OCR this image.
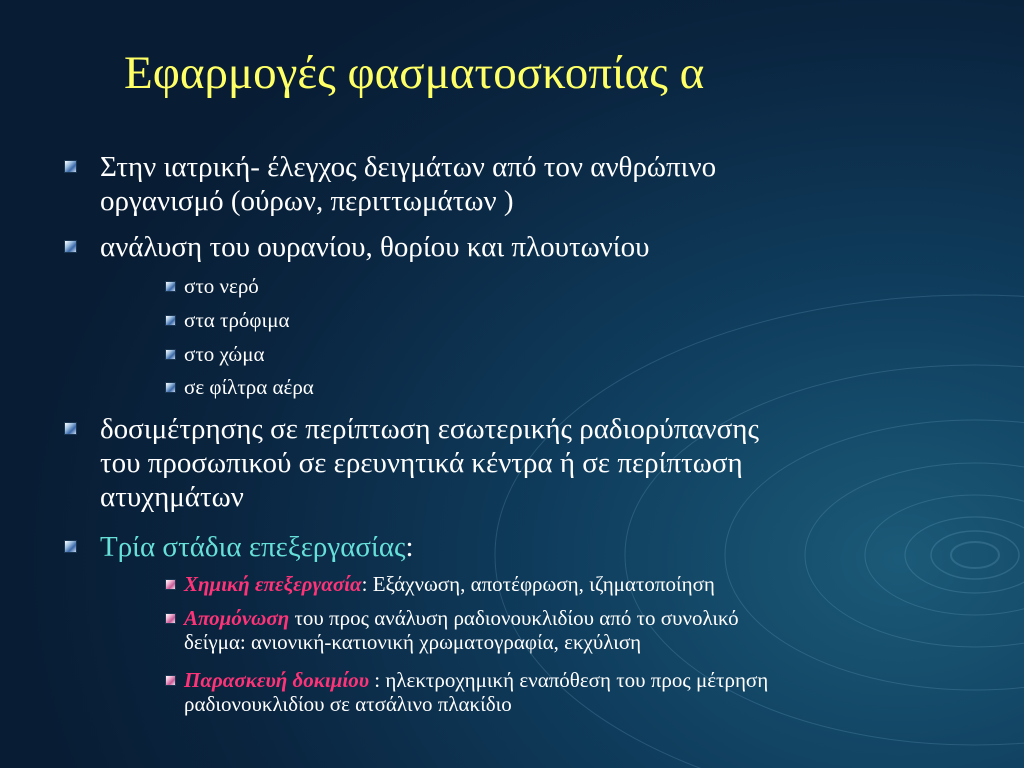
Εφαρμογές φασματοσκοπίας α
Στην ιατρική- έλεγχος δειγμάτων από τον ανθρώπινο
οργανισμό (ούρων, περιττωμάτων )
ανάλυση του ουρανίου, θορίου και πλουτωνίου
στο νερό
στα τρόφιμα
στο χώμα
σε φίλτρα αέρα
δοσιμέτρησης σε περίπτωση εσωτερικής ραδιορύπανσης
του προσωπικού σε ερευνητικά κέντρα ή σε περίπτωση
ατυχημάτων
Τρία στάδια επεξεργασίας:
Χημική επεξεργασία: Εξάχνωση, αποτέφρωση, ιζηματοποίηση
Απομόνωση του προς ανάλυση ραδιονουκλιδίου από το συνολικό
δείγμα: ανιονική-κατιονική χρωματογραφία, εκχύλιση
Παρασκευή δοκιμίου : ηλεκτροχημική εναπόθεση του προς μέτρηση
ραδιονουκλιδίου σε ατσάλινο πλακίδιο
